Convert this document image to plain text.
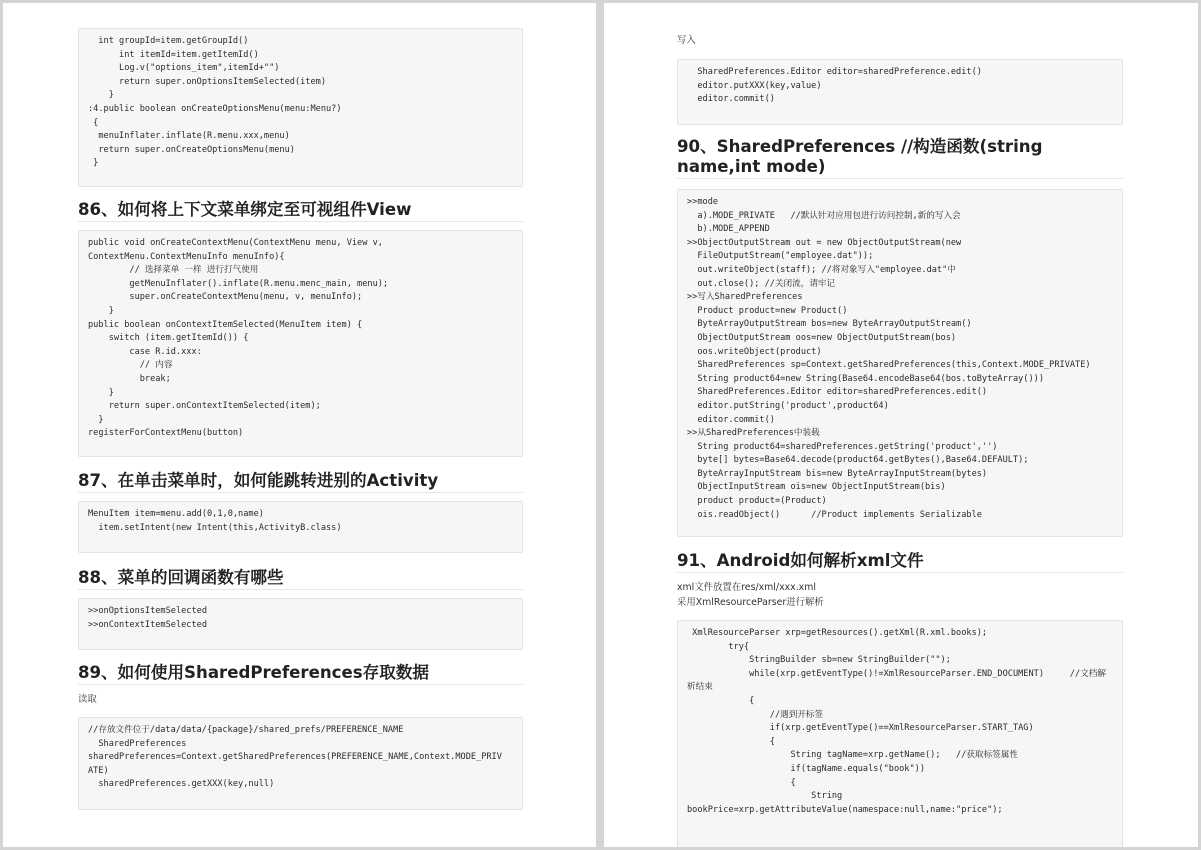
int groupId=item.getGroupId()
int itemId=item.getItemId()
Log.v("options_item",itemId+"")
return super.onOptionsItemSelected(item)
}
:4.public boolean onCreateOptionsMenu(menu:Menu?)
{
menuInflater.inflate(R.menu.xxx,menu)
return super.onCreateOptionsMenu(menu)
}
86、如何将上下文菜单绑定至可视组件View
public void onCreateContextMenu(ContextMenu menu, View v,
ContextMenu.ContextMenuInfo menuInfo){
// 选择菜单 一样 进行打气使用
getMenuInflater().inflate(R.menu.menc_main, menu);
super.onCreateContextMenu(menu, v, menuInfo);
}
public boolean onContextItemSelected(MenuItem item) {
switch (item.getItemId()) {
case R.id.xxx:
// 内容
break;
}
return super.onContextItemSelected(item);
}
registerForContextMenu(button)
87、在单击菜单时，如何能跳转进别的Activity
MenuItem item=menu.add(0,1,0,name)
item.setIntent(new Intent(this,ActivityB.class)
88、菜单的回调函数有哪些
>>onOptionsItemSelected
>>onContextItemSelected
89、如何使用SharedPreferences存取数据

读取

//存放文件位于/data/data/{package}/shared_prefs/PREFERENCE_NAME
SharedPreferences
sharedPreferences=Context.getSharedPreferences(PREFERENCE_NAME,Context.MODE_PRIV
ATE)
sharedPreferences.getXXX(key,null)

写入

SharedPreferences.Editor editor=sharedPreference.edit()
editor.putXXX(key,value)
editor.commit()
90、SharedPreferences //构造函数(string name,int mode)
>>mode
a).MODE_PRIVATE   //默认针对应用包进行访问控制,新的写入会
b).MODE_APPEND
>>ObjectOutputStream out = new ObjectOutputStream(new
FileOutputStream("employee.dat"));
out.writeObject(staff); //将对象写入"employee.dat"中
out.close(); //关闭流，请牢记
>>写入SharedPreferences
Product product=new Product()
ByteArrayOutputStream bos=new ByteArrayOutputStream()
ObjectOutputStream oos=new ObjectOutputStream(bos)
oos.writeObject(product)
SharedPreferences sp=Context.getSharedPreferences(this,Context.MODE_PRIVATE)
String product64=new String(Base64.encodeBase64(bos.toByteArray()))
SharedPreferences.Editor editor=sharedPreferences.edit()
editor.putString('product',product64)
editor.commit()
>>从SharedPreferences中装载
String product64=sharedPreferences.getString('product','')
byte[] bytes=Base64.decode(product64.getBytes(),Base64.DEFAULT);
ByteArrayInputStream bis=new ByteArrayInputStream(bytes)
ObjectInputStream ois=new ObjectInputStream(bis)
product product=(Product)
ois.readObject()      //Product implements Serializable
91、Android如何解析xml文件

xml文件放置在res/xml/xxx.xml

采用XmlResourceParser进行解析

XmlResourceParser xrp=getResources().getXml(R.xml.books);
try{
StringBuilder sb=new StringBuilder("");
while(xrp.getEventType()!=XmlResourceParser.END_DOCUMENT)     //文档解
析结束
{
//遇到开标签
if(xrp.getEventType()==XmlResourceParser.START_TAG)
{
String tagName=xrp.getName();   //获取标签属性
if(tagName.equals("book"))
{
String
bookPrice=xrp.getAttributeValue(namespace:null,name:"price");
